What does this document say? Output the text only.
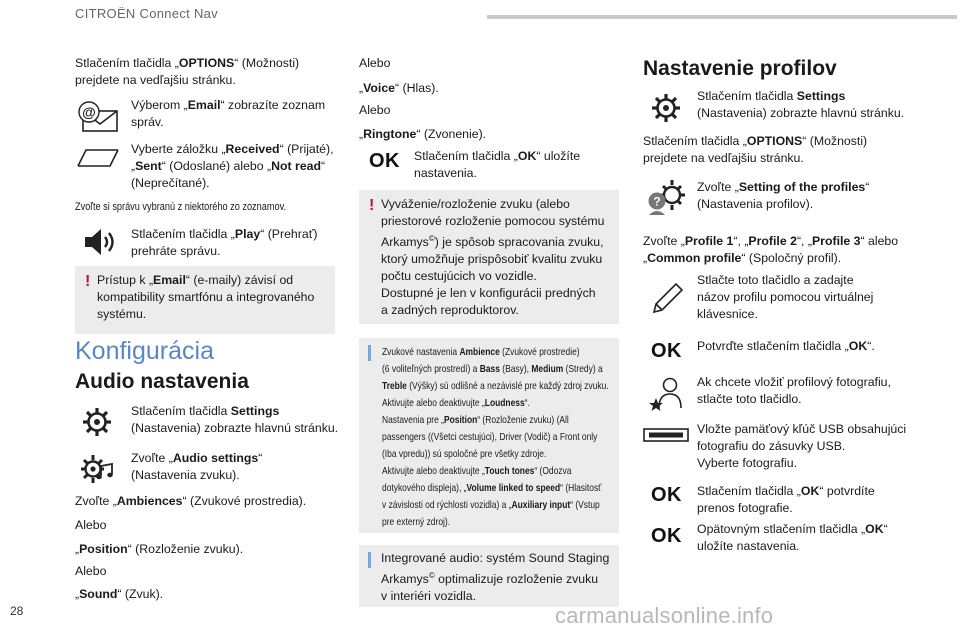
CITROËN Connect Nav

Stlačením tlačidla „OPTIONS“ (Možnosti)
prejdete na vedľajšiu stránku.

@	Výberom „Email“ zobrazíte zoznam
správ.

Vyberte záložku „Received“ (Prijaté),
„Sent“ (Odoslané) alebo „Not read“
(Neprečítané).

Zvoľte si správu vybranú z niektorého zo zoznamov.

Stlačením tlačidla „Play“ (Prehrať)
prehráte správu.

! Prístup k „Email“ (e-maily) závisí od
kompatibility smartfónu a integrovaného
systému.

Konfigurácia
Audio nastavenia

Stlačením tlačidla Settings
(Nastavenia) zobrazte hlavnú stránku.

Zvoľte „Audio settings“
(Nastavenia zvuku).

Zvoľte „Ambiences“ (Zvukové prostredia).

Alebo

„Position“ (Rozloženie zvuku).

Alebo

„Sound“ (Zvuk).

Alebo

„Voice“ (Hlas).

Alebo

„Ringtone“ (Zvonenie).

OK Stlačením tlačidla „OK“ uložíte
nastavenia.

! Vyváženie/rozloženie zvuku (alebo
priestorové rozloženie pomocou systému
Arkamys©) je spôsob spracovania zvuku,
ktorý umožňuje prispôsobiť kvalitu zvuku
počtu cestujúcich vo vozidle.
Dostupné je len v konfigurácii predných
a zadných reproduktorov.

Zvukové nastavenia Ambience (Zvukové prostredie)
(6 voliteľných prostredí) a Bass (Basy), Medium (Stredy) a
Treble (Výšky) sú odlišné a nezávislé pre každý zdroj zvuku.
Aktivujte alebo deaktivujte „Loudness“.
Nastavenia pre „Position“ (Rozloženie zvuku) (All
passengers ((Všetci cestujúci), Driver (Vodič) a Front only
(Iba vpredu)) sú spoločné pre všetky zdroje.
Aktivujte alebo deaktivujte „Touch tones“ (Odozva
dotykového displeja), „Volume linked to speed“ (Hlasitosť
v závislosti od rýchlosti vozidla) a „Auxiliary input“ (Vstup
pre externý zdroj).

Integrované audio: systém Sound Staging
Arkamys© optimalizuje rozloženie zvuku
v interiéri vozidla.

Nastavenie profilov

Stlačením tlačidla Settings
(Nastavenia) zobrazte hlavnú stránku.

Stlačením tlačidla „OPTIONS“ (Možnosti)
prejdete na vedľajšiu stránku.

?

Zvoľte „Setting of the profiles“
(Nastavenia profilov).

Zvoľte „Profile 1“, „Profile 2“, „Profile 3“ alebo
„Common profile“ (Spoločný profil).

Stlačte toto tlačidlo a zadajte
názov profilu pomocou virtuálnej
klávesnice.

OK Potvrďte stlačením tlačidla „OK“.

Ak chcete vložiť profilový fotografiu,
stlačte toto tlačidlo.

Vložte pamäťový kľúč USB obsahujúci
fotografiu do zásuvky USB.
Vyberte fotografiu.

OK Stlačením tlačidla „OK“ potvrdíte
prenos fotografie.

OK Opätovným stlačením tlačidla „OK“
uložíte nastavenia.

28	carmanualsonline.info
